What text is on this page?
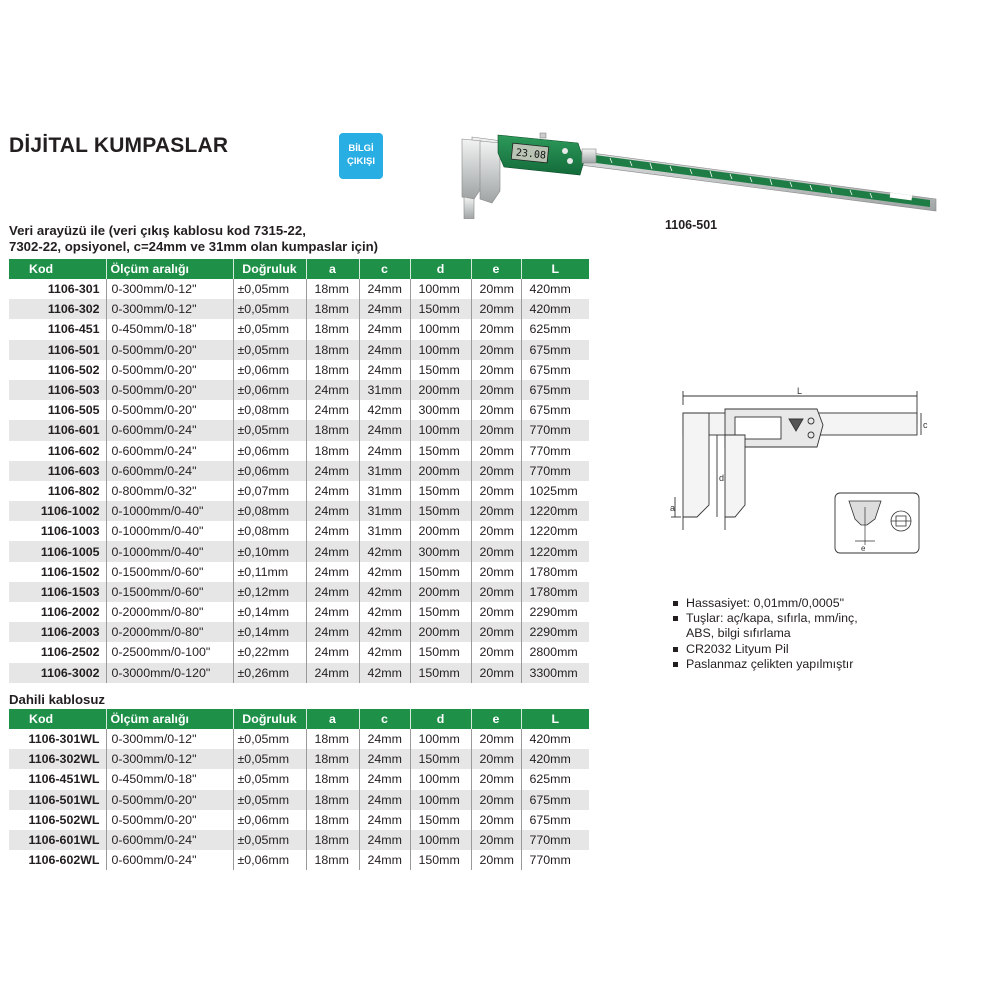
DİJİTAL KUMPASLAR	BİLGİ
ÇIKIŞI	23.08
1106-501
Veri arayüzü ile (veri çıkış kablosu kod 7315-22,
7302-22, opsiyonel, c=24mm ve 31mm olan kumpaslar için)
Kod	Ölçüm aralığı	Doğruluk	a	c	d	e	L
1106-301	0-300mm/0-12"	±0,05mm	18mm	24mm	100mm	20mm	420mm
1106-302	0-300mm/0-12"	±0,05mm	18mm	24mm	150mm	20mm	420mm
1106-451	0-450mm/0-18"	±0,05mm	18mm	24mm	100mm	20mm	625mm
1106-501	0-500mm/0-20"	±0,05mm	18mm	24mm	100mm	20mm	675mm
1106-502	0-500mm/0-20"	±0,06mm	18mm	24mm	150mm	20mm	675mm
1106-503	0-500mm/0-20"	±0,06mm	24mm	31mm	200mm	20mm	675mm
1106-505	0-500mm/0-20"	±0,08mm	24mm	42mm	300mm	20mm	675mm
1106-601	0-600mm/0-24"	±0,05mm	18mm	24mm	100mm	20mm	770mm
1106-602	0-600mm/0-24"	±0,06mm	18mm	24mm	150mm	20mm	770mm
1106-603	0-600mm/0-24"	±0,06mm	24mm	31mm	200mm	20mm	770mm
1106-802	0-800mm/0-32"	±0,07mm	24mm	31mm	150mm	20mm	1025mm
1106-1002	0-1000mm/0-40"	±0,08mm	24mm	31mm	150mm	20mm	1220mm
1106-1003	0-1000mm/0-40"	±0,08mm	24mm	31mm	200mm	20mm	1220mm
1106-1005	0-1000mm/0-40"	±0,10mm	24mm	42mm	300mm	20mm	1220mm
1106-1502	0-1500mm/0-60"	±0,11mm	24mm	42mm	150mm	20mm	1780mm
1106-1503	0-1500mm/0-60"	±0,12mm	24mm	42mm	200mm	20mm	1780mm
1106-2002	0-2000mm/0-80"	±0,14mm	24mm	42mm	150mm	20mm	2290mm
1106-2003	0-2000mm/0-80"	±0,14mm	24mm	42mm	200mm	20mm	2290mm
1106-2502	0-2500mm/0-100"	±0,22mm	24mm	42mm	150mm	20mm	2800mm
1106-3002	0-3000mm/0-120"	±0,26mm	24mm	42mm	150mm	20mm	3300mm
Dahili kablosuz
Kod	Ölçüm aralığı	Doğruluk	a	c	d	e	L
1106-301WL	0-300mm/0-12"	±0,05mm	18mm	24mm	100mm	20mm	420mm
1106-302WL	0-300mm/0-12"	±0,05mm	18mm	24mm	150mm	20mm	420mm
1106-451WL	0-450mm/0-18"	±0,05mm	18mm	24mm	100mm	20mm	625mm
1106-501WL	0-500mm/0-20"	±0,05mm	18mm	24mm	100mm	20mm	675mm
1106-502WL	0-500mm/0-20"	±0,06mm	18mm	24mm	150mm	20mm	675mm
1106-601WL	0-600mm/0-24"	±0,05mm	18mm	24mm	100mm	20mm	770mm
1106-602WL	0-600mm/0-24"	±0,06mm	18mm	24mm	150mm	20mm	770mm
L
c
d
a
e
Hassasiyet: 0,01mm/0,0005"
Tuşlar: aç/kapa, sıfırla, mm/inç,
ABS, bilgi sıfırlama
CR2032 Lityum Pil
Paslanmaz çelikten yapılmıştır
